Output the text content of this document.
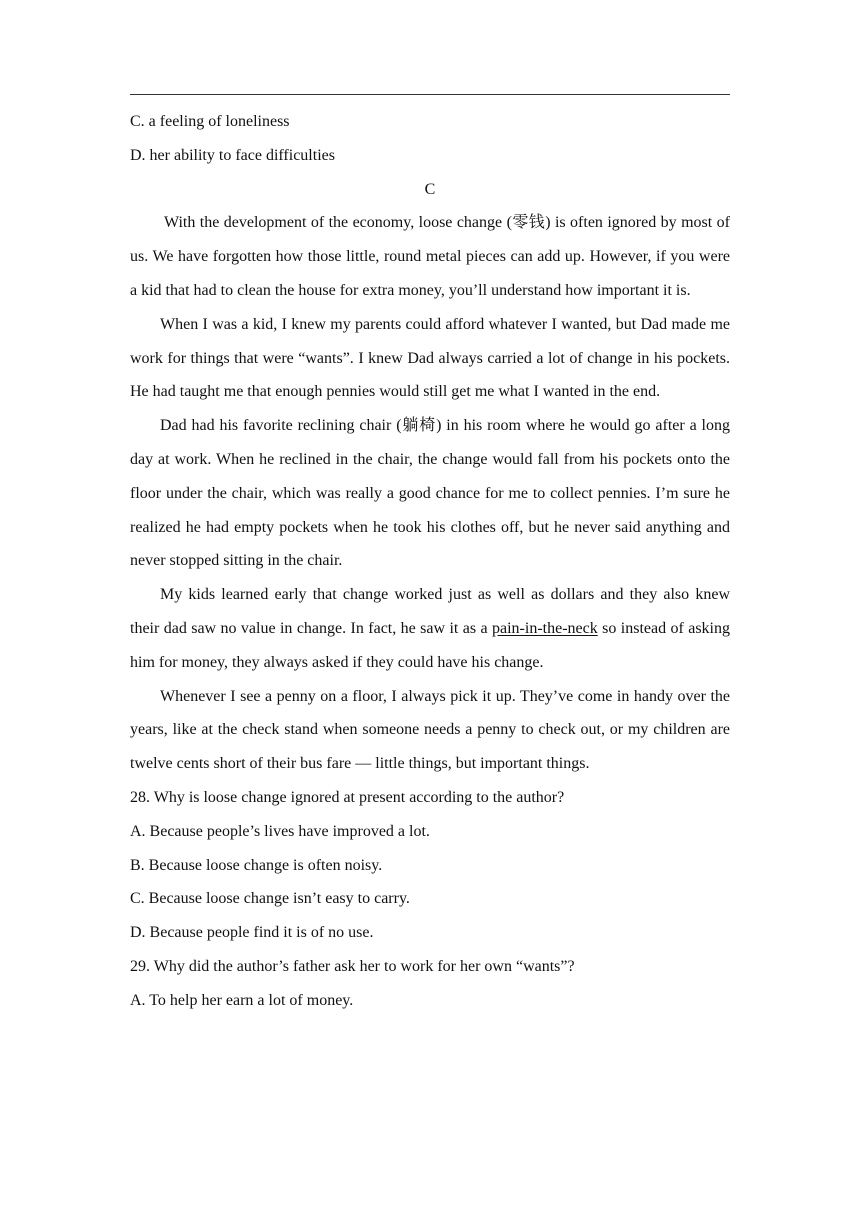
C. a feeling of loneliness

D. her ability to face difficulties

C

With the development of the economy, loose change (零钱) is often ignored by most of us. We have forgotten how those little, round metal pieces can add up. However, if you were a kid that had to clean the house for extra money, you’ll understand how important it is.

When I was a kid, I knew my parents could afford whatever I wanted, but Dad made me work for things that were “wants”. I knew Dad always carried a lot of change in his pockets. He had taught me that enough pennies would still get me what I wanted in the end.

Dad had his favorite reclining chair (躺椅) in his room where he would go after a long day at work. When he reclined in the chair, the change would fall from his pockets onto the floor under the chair, which was really a good chance for me to collect pennies. I’m sure he realized he had empty pockets when he took his clothes off, but he never said anything and never stopped sitting in the chair.

My kids learned early that change worked just as well as dollars and they also knew their dad saw no value in change. In fact, he saw it as a pain-in-the-neck so instead of asking him for money, they always asked if they could have his change.

Whenever I see a penny on a floor, I always pick it up. They’ve come in handy over the years, like at the check stand when someone needs a penny to check out, or my children are twelve cents short of their bus fare — little things, but important things.

28. Why is loose change ignored at present according to the author?

A. Because people’s lives have improved a lot.

B. Because loose change is often noisy.

C. Because loose change isn’t easy to carry.

D. Because people find it is of no use.

29. Why did the author’s father ask her to work for her own “wants”?

A. To help her earn a lot of money.
